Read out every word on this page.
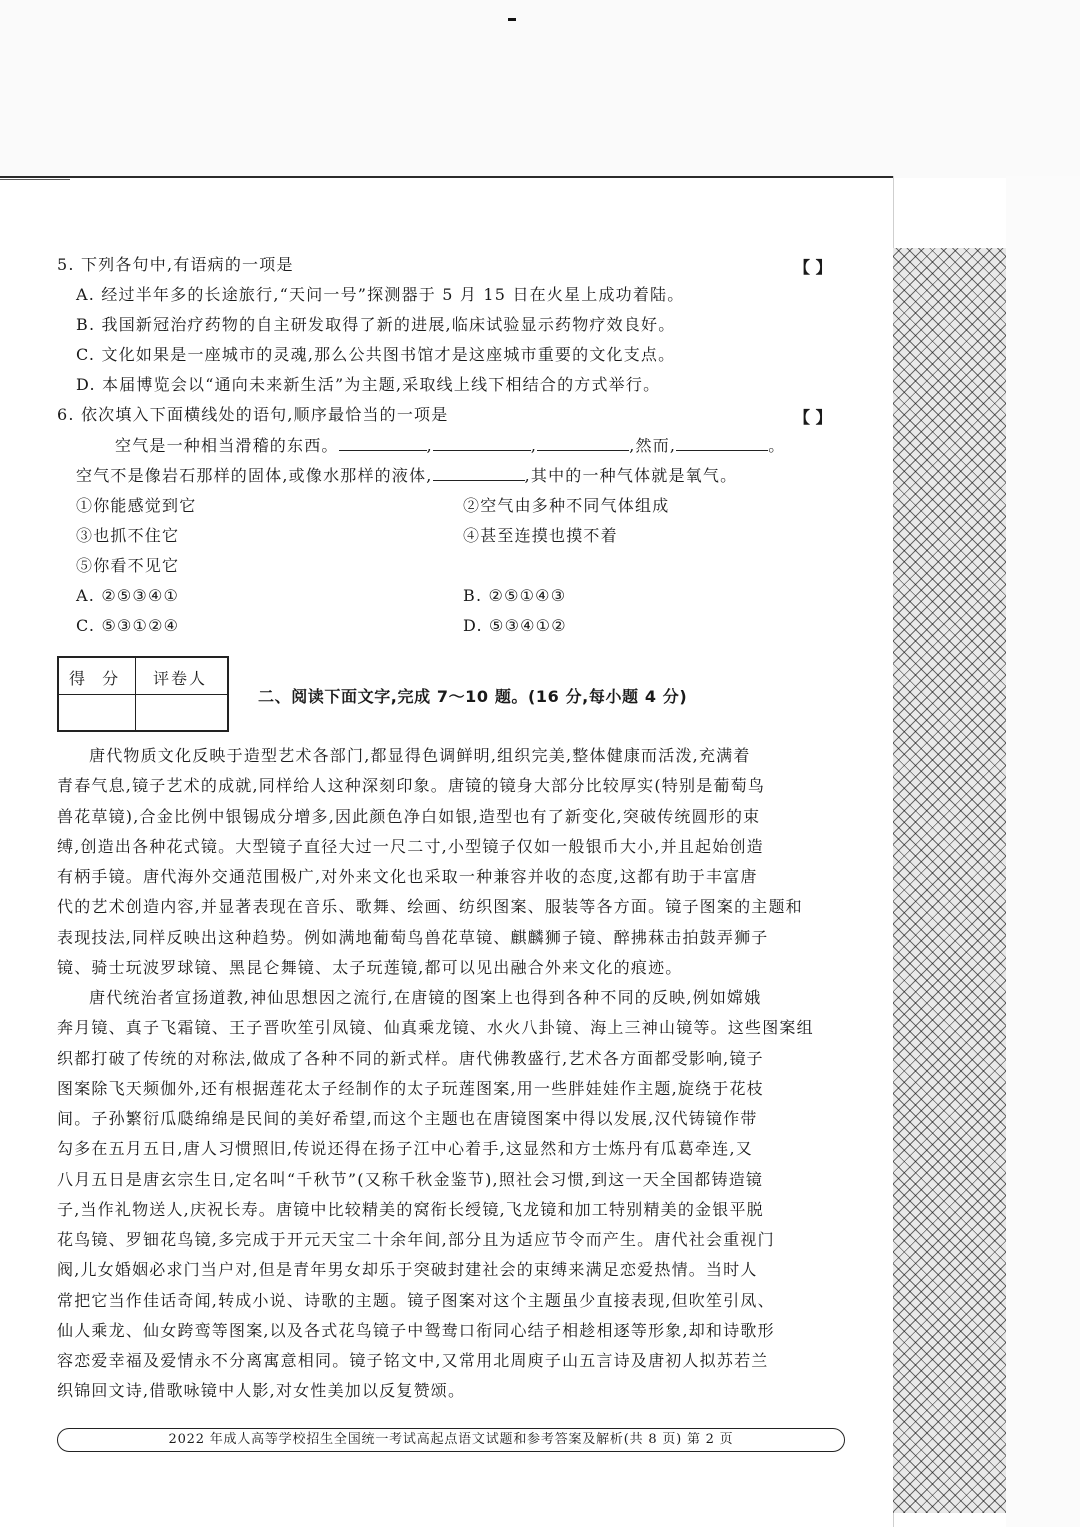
5. 下列各句中,有语病的一项是	【 】
A. 经过半年多的长途旅行,“天问一号”探测器于 5 月 15 日在火星上成功着陆。
B. 我国新冠治疗药物的自主研发取得了新的进展,临床试验显示药物疗效良好。
C. 文化如果是一座城市的灵魂,那么公共图书馆才是这座城市重要的文化支点。
D. 本届博览会以“通向未来新生活”为主题,采取线上线下相结合的方式举行。
6. 依次填入下面横线处的语句,顺序最恰当的一项是	【 】
空气是一种相当滑稽的东西。	,	,	,然而,	。
空气不是像岩石那样的固体,或像水那样的液体,	,其中的一种气体就是氧气。
①你能感觉到它	②空气由多种不同气体组成
③也抓不住它	④甚至连摸也摸不着
⑤你看不见它
A. ②⑤③④①	B. ②⑤①④③
C. ⑤③①②④	D. ⑤③④①②
得 分 评卷人
二、阅读下面文字,完成 7～10 题。(16 分,每小题 4 分)
唐代物质文化反映于造型艺术各部门,都显得色调鲜明,组织完美,整体健康而活泼,充满着
青春气息,镜子艺术的成就,同样给人这种深刻印象。唐镜的镜身大部分比较厚实(特别是葡萄鸟
兽花草镜),合金比例中银锡成分增多,因此颜色净白如银,造型也有了新变化,突破传统圆形的束
缚,创造出各种花式镜。大型镜子直径大过一尺二寸,小型镜子仅如一般银币大小,并且起始创造
有柄手镜。唐代海外交通范围极广,对外来文化也采取一种兼容并收的态度,这都有助于丰富唐
代的艺术创造内容,并显著表现在音乐、歌舞、绘画、纺织图案、服装等各方面。镜子图案的主题和
表现技法,同样反映出这种趋势。例如满地葡萄鸟兽花草镜、麒麟狮子镜、醉拂菻击拍鼓弄狮子
镜、骑士玩波罗球镜、黑昆仑舞镜、太子玩莲镜,都可以见出融合外来文化的痕迹。
唐代统治者宣扬道教,神仙思想因之流行,在唐镜的图案上也得到各种不同的反映,例如嫦娥
奔月镜、真子飞霜镜、王子晋吹笙引凤镜、仙真乘龙镜、水火八卦镜、海上三神山镜等。这些图案组
织都打破了传统的对称法,做成了各种不同的新式样。唐代佛教盛行,艺术各方面都受影响,镜子
图案除飞天频伽外,还有根据莲花太子经制作的太子玩莲图案,用一些胖娃娃作主题,旋绕于花枝
间。子孙繁衍瓜瓞绵绵是民间的美好希望,而这个主题也在唐镜图案中得以发展,汉代铸镜作带
勾多在五月五日,唐人习惯照旧,传说还得在扬子江中心着手,这显然和方士炼丹有瓜葛牵连,又
八月五日是唐玄宗生日,定名叫“千秋节”(又称千秋金鉴节),照社会习惯,到这一天全国都铸造镜
子,当作礼物送人,庆祝长寿。唐镜中比较精美的窝衔长绶镜,飞龙镜和加工特别精美的金银平脱
花鸟镜、罗钿花鸟镜,多完成于开元天宝二十余年间,部分且为适应节令而产生。唐代社会重视门
阀,儿女婚姻必求门当户对,但是青年男女却乐于突破封建社会的束缚来满足恋爱热情。当时人
常把它当作佳话奇闻,转成小说、诗歌的主题。镜子图案对这个主题虽少直接表现,但吹笙引凤、
仙人乘龙、仙女跨鸾等图案,以及各式花鸟镜子中鸳鸯口衔同心结子相趁相逐等形象,却和诗歌形
容恋爱幸福及爱情永不分离寓意相同。镜子铭文中,又常用北周庾子山五言诗及唐初人拟苏若兰
织锦回文诗,借歌咏镜中人影,对女性美加以反复赞颂。
2022 年成人高等学校招生全国统一考试高起点语文试题和参考答案及解析(共 8 页) 第 2 页
